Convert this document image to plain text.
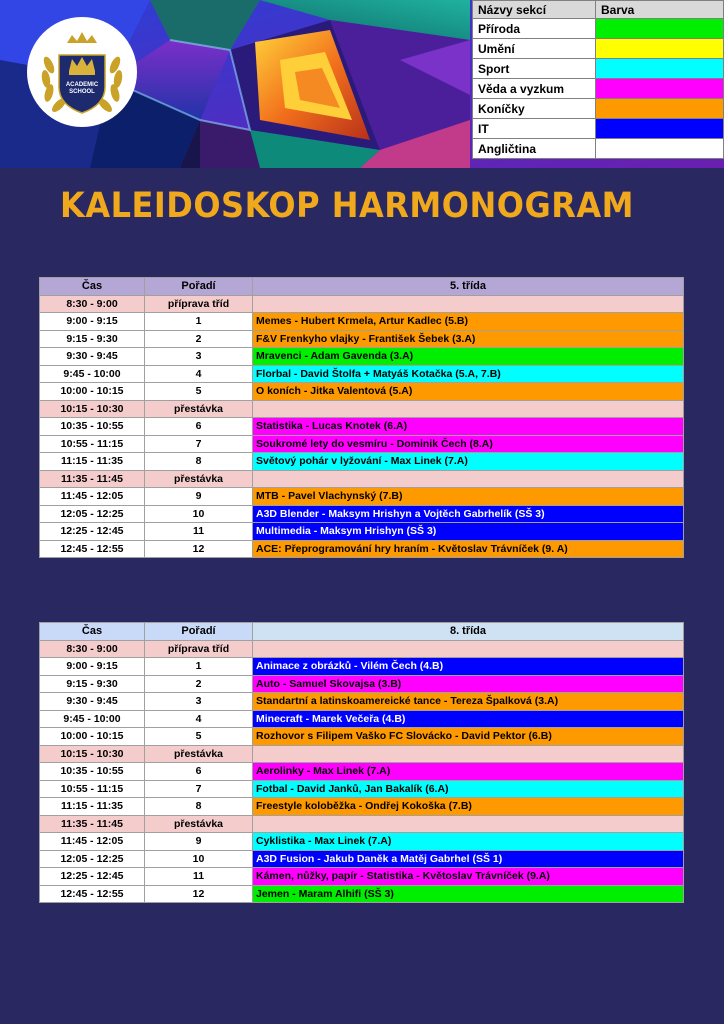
ACADEMIC
SCHOOL
Názvy sekcí	Barva
Příroda	
Umění	
Sport	
Věda a vyzkum	
Koníčky	
IT	
Angličtina	
KALEIDOSKOP HARMONOGRAM
Čas	Pořadí	5. třída
8:30 - 9:00	příprava tříd	
9:00 - 9:15	1	Memes - Hubert Krmela, Artur Kadlec (5.B)
9:15 - 9:30	2	F&V Frenkyho vlajky - František Šebek (3.A)
9:30 - 9:45	3	Mravenci - Adam Gavenda (3.A)
9:45 - 10:00	4	Florbal - David Štolfa + Matyáš Kotačka (5.A, 7.B)
10:00 - 10:15	5	O koních - Jitka Valentová (5.A)
10:15 - 10:30	přestávka	
10:35 - 10:55	6	Statistika - Lucas Knotek (6.A)
10:55 - 11:15	7	Soukromé lety do vesmíru - Dominik Čech (8.A)
11:15 - 11:35	8	Světový pohár v lyžování - Max Linek (7.A)
11:35 - 11:45	přestávka	
11:45 - 12:05	9	MTB - Pavel Vlachynský (7.B)
12:05 - 12:25	10	A3D Blender - Maksym Hrishyn a Vojtěch Gabrhelík (SŠ 3)
12:25 - 12:45	11	Multimedia - Maksym Hrishyn (SŠ 3)
12:45 - 12:55	12	ACE: Přeprogramování hry hraním - Květoslav Trávníček (9. A)
Čas	Pořadí	8. třída
8:30 - 9:00	příprava tříd	
9:00 - 9:15	1	Animace z obrázků - Vilém Čech (4.B)
9:15 - 9:30	2	Auto - Samuel Skovajsa (3.B)
9:30 - 9:45	3	Standartní a latinskoamereické tance - Tereza Špalková (3.A)
9:45 - 10:00	4	Minecraft - Marek Večeřa (4.B)
10:00 - 10:15	5	Rozhovor s Filipem Vaško FC Slovácko - David Pektor (6.B)
10:15 - 10:30	přestávka	
10:35 - 10:55	6	Aerolinky - Max Linek (7.A)
10:55 - 11:15	7	Fotbal - David Janků, Jan Bakalík (6.A)
11:15 - 11:35	8	Freestyle koloběžka - Ondřej Kokoška (7.B)
11:35 - 11:45	přestávka	
11:45 - 12:05	9	Cyklistika - Max Linek (7.A)
12:05 - 12:25	10	A3D Fusion - Jakub Daněk a Matěj Gabrhel (SŠ 1)
12:25 - 12:45	11	Kámen, nůžky, papír - Statistika - Květoslav Trávníček (9.A)
12:45 - 12:55	12	Jemen - Maram Alhifi (SŠ 3)
